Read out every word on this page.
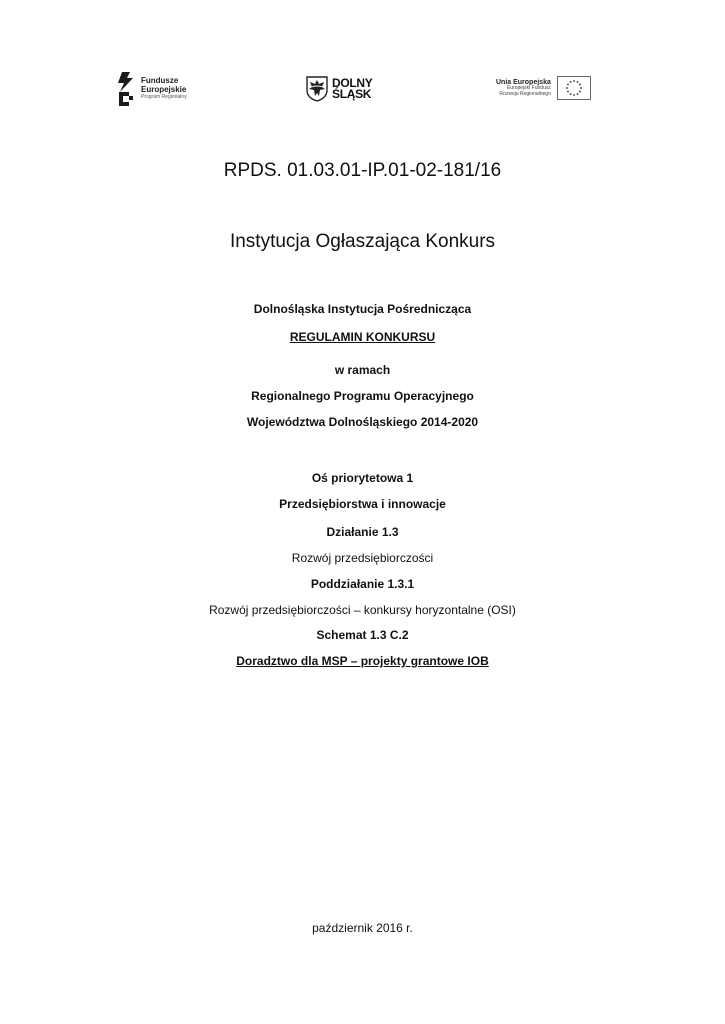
Fundusze
Europejskie
Program Regionalny
DOLNY
ŚLĄSK
Unia Europejska
Europejski Fundusz
Rozwoju Regionalnego
RPDS. 01.03.01-IP.01-02-181/16
Instytucja Ogłaszająca Konkurs
Dolnośląska Instytucja Pośrednicząca
REGULAMIN KONKURSU
w ramach
Regionalnego Programu Operacyjnego
Województwa Dolnośląskiego 2014-2020
Oś priorytetowa 1
Przedsiębiorstwa i innowacje
Działanie 1.3
Rozwój przedsiębiorczości
Poddziałanie 1.3.1
Rozwój przedsiębiorczości – konkursy horyzontalne (OSI)
Schemat 1.3 C.2
Doradztwo dla MSP – projekty grantowe IOB
październik 2016 r.
